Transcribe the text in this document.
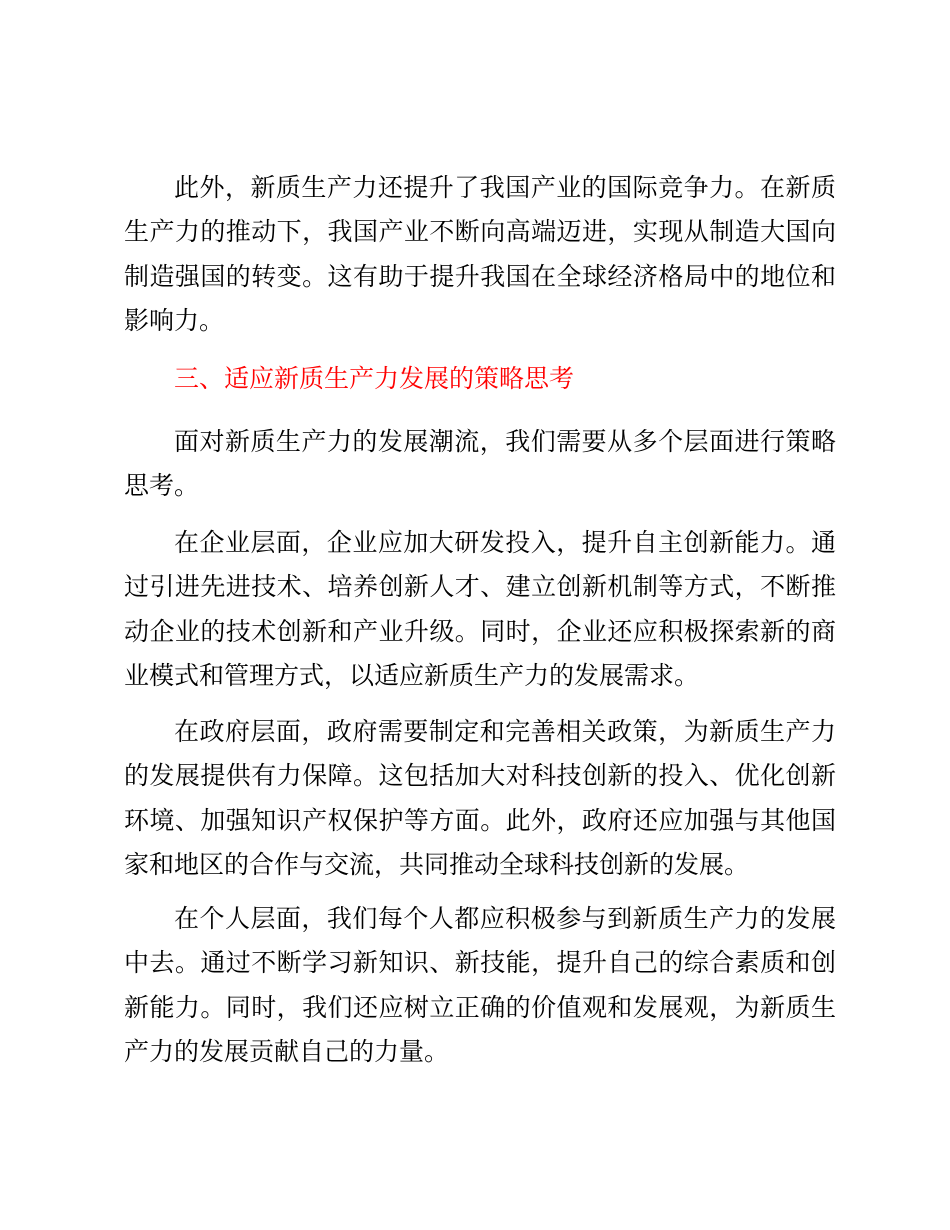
此外，新质生产力还提升了我国产业的国际竞争力。在新质生产力的推动下，我国产业不断向高端迈进，实现从制造大国向制造强国的转变。这有助于提升我国在全球经济格局中的地位和影响力。

三、适应新质生产力发展的策略思考

面对新质生产力的发展潮流，我们需要从多个层面进行策略思考。

在企业层面，企业应加大研发投入，提升自主创新能力。通过引进先进技术、培养创新人才、建立创新机制等方式，不断推动企业的技术创新和产业升级。同时，企业还应积极探索新的商业模式和管理方式，以适应新质生产力的发展需求。

在政府层面，政府需要制定和完善相关政策，为新质生产力的发展提供有力保障。这包括加大对科技创新的投入、优化创新环境、加强知识产权保护等方面。此外，政府还应加强与其他国家和地区的合作与交流，共同推动全球科技创新的发展。

在个人层面，我们每个人都应积极参与到新质生产力的发展中去。通过不断学习新知识、新技能，提升自己的综合素质和创新能力。同时，我们还应树立正确的价值观和发展观，为新质生产力的发展贡献自己的力量。
